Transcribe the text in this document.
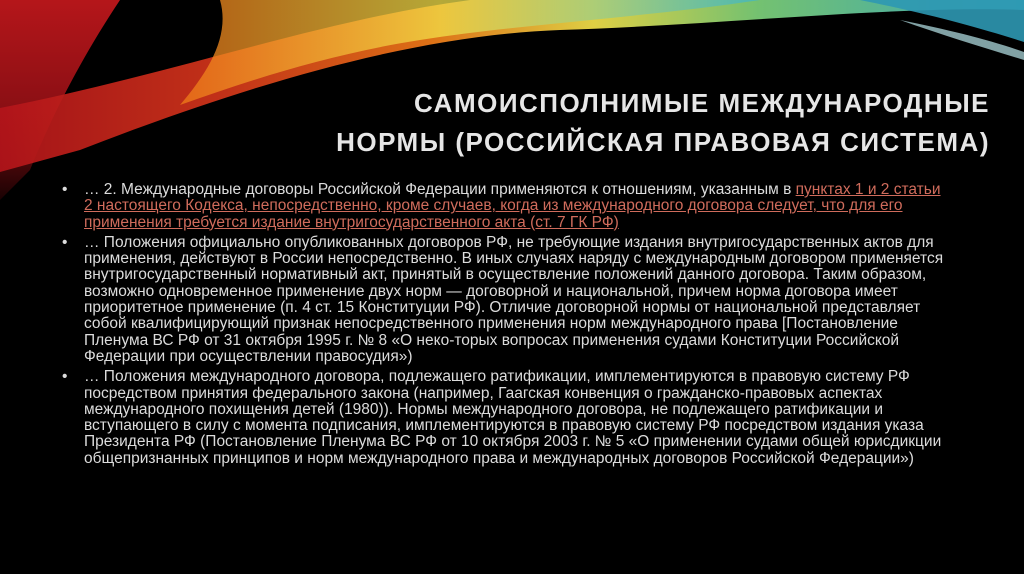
САМОИСПОЛНИМЫЕ МЕЖДУНАРОДНЫЕ
НОРМЫ (РОССИЙСКАЯ ПРАВОВАЯ СИСТЕМА)
•	… 2. Международные договоры Российской Федерации применяются к отношениям, указанным в пунктах 1 и 2 статьи 2 настоящего Кодекса, непосредственно, кроме случаев, когда из международного договора следует, что для его применения требуется издание внутригосударственного акта (ст. 7 ГК РФ)
•	… Положения официально опубликованных договоров РФ, не требующие издания внутригосударственных актов для применения, действуют в России непосредственно. В иных случаях наряду с международным договором применяется внутригосударственный нормативный акт, принятый в осуществление положений данного договора. Таким образом, возможно одновременное применение двух норм — договорной и национальной, причем норма договора имеет приоритетное применение (п. 4 ст. 15 Конституции РФ). Отличие договорной нормы от национальной представляет собой квалифицирующий признак непосредственного применения норм международного права [Постановление Пленума ВС РФ от 31 октября 1995 г. № 8 «О неко-торых вопросах применения судами Конституции Российской Федерации при осуществлении правосудия»)
•	… Положения международного договора, подлежащего ратификации, имплементируются в правовую систему РФ посредством принятия федерального закона (например, Гаагская конвенция о гражданско-правовых аспектах международного похищения детей (1980)). Нормы международного договора, не подлежащего ратификации и вступающего в силу с момента подписания, имплементируются в правовую систему РФ посредством издания указа Президента РФ (Постановление Пленума ВС РФ от 10 октября 2003 г. № 5 «О применении судами общей юрисдикции общепризнанных принципов и норм международного права и международных договоров Российской Федерации»)
